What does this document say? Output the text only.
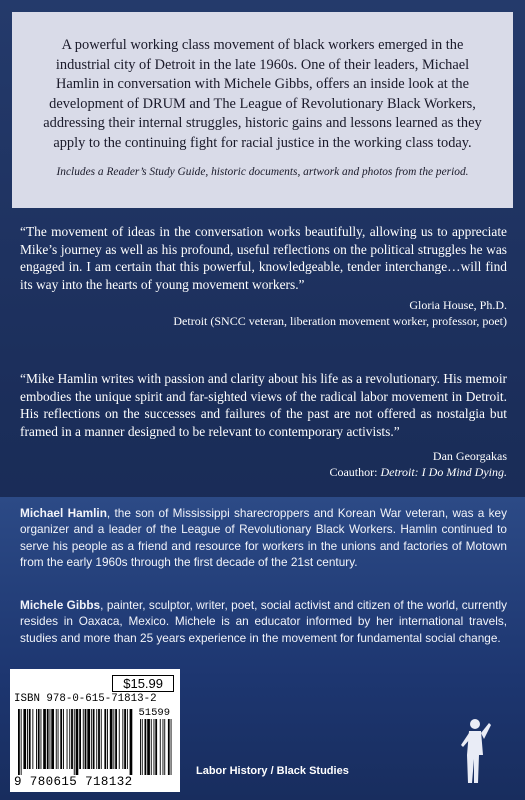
A powerful working class movement of black workers emerged in the industrial city of Detroit in the late 1960s. One of their leaders, Michael Hamlin in conversation with Michele Gibbs, offers an inside look at the development of DRUM and The League of Revolutionary Black Workers, addressing their internal struggles, historic gains and lessons learned as they apply to the continuing fight for racial justice in the working class today.

Includes a Reader’s Study Guide, historic documents, artwork and photos from the period.

“The movement of ideas in the conversation works beautifully, allowing us to appreciate Mike’s journey as well as his profound, useful reflections on the political struggles he was engaged in. I am certain that this powerful, knowledgeable, tender interchange…will find its way into the hearts of young movement workers.”

Gloria House, Ph.D.

Detroit (SNCC veteran, liberation movement worker, professor, poet)

“Mike Hamlin writes with passion and clarity about his life as a revolutionary. His memoir embodies the unique spirit and far-sighted views of the radical labor movement in Detroit. His reflections on the successes and failures of the past are not offered as nostalgia but framed in a manner designed to be relevant to contemporary activists.”

Dan Georgakas

Coauthor: Detroit: I Do Mind Dying.

Michael Hamlin, the son of Mississippi sharecroppers and Korean War veteran, was a key organizer and a leader of the League of Revolutionary Black Workers. Hamlin continued to serve his people as a friend and resource for workers in the unions and factories of Motown from the early 1960s through the first decade of the 21st century.

Michele Gibbs, painter, sculptor, writer, poet, social activist and citizen of the world, currently resides in Oaxaca, Mexico. Michele is an educator informed by her international travels, studies and more than 25 years experience in the movement for fundamental social change.

$15.99
ISBN 978-0-615-71813-2
51599
9 780615 718132
Labor History / Black Studies
